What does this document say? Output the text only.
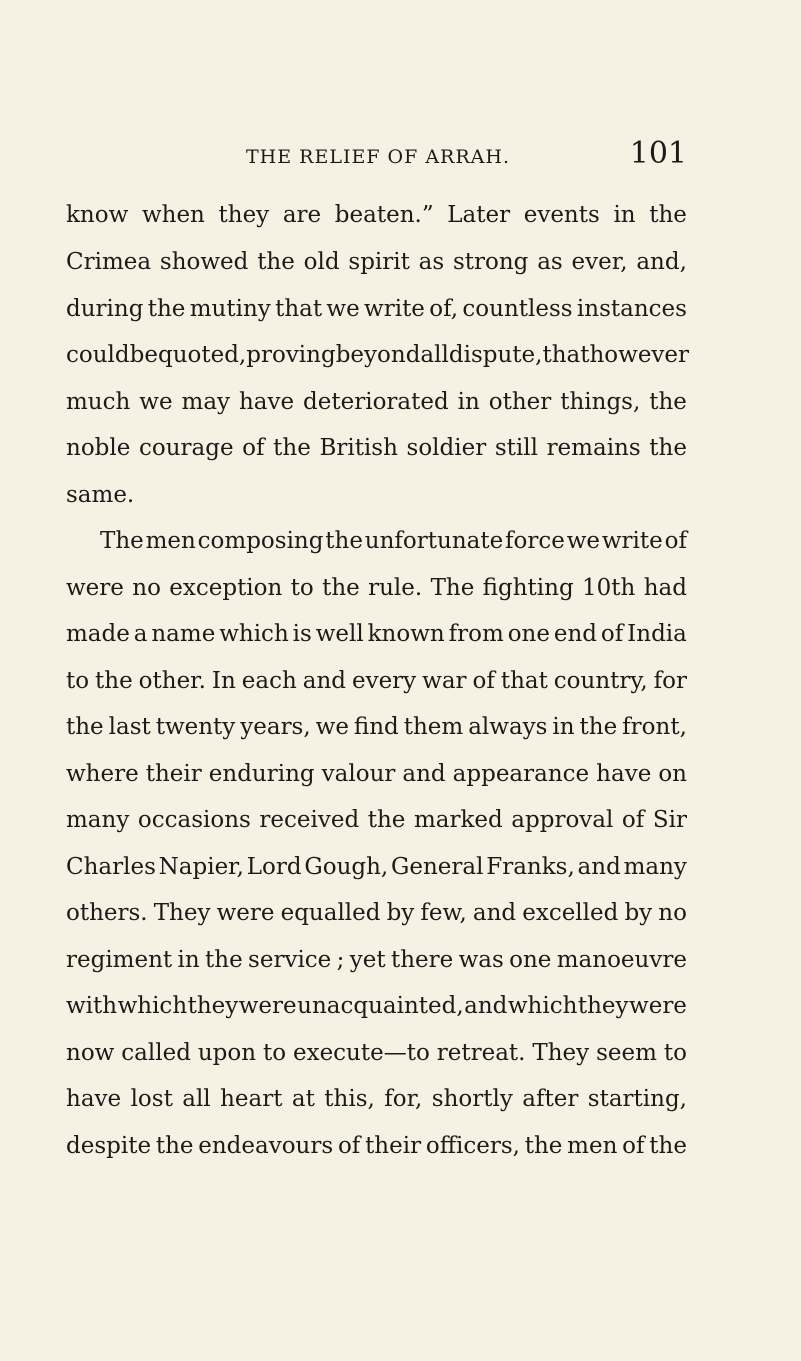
THE RELIEF OF ARRAH.	101
know when they are beaten.” Later events in the
Crimea showed the old spirit as strong as ever, and,
during the mutiny that we write of, countless instances
could be quoted, proving beyond all dispute, that however
much we may have deteriorated in other things, the
noble courage of the British soldier still remains the
same.
The men composing the unfortunate force we write of
were no exception to the rule. The fighting 10th had
made a name which is well known from one end of India
to the other. In each and every war of that country, for
the last twenty years, we find them always in the front,
where their enduring valour and appearance have on
many occasions received the marked approval of Sir
Charles Napier, Lord Gough, General Franks, and many
others. They were equalled by few, and excelled by no
regiment in the service ; yet there was one manoeuvre
with which they were unacquainted, and which they were
now called upon to execute—to retreat. They seem to
have lost all heart at this, for, shortly after starting,
despite the endeavours of their officers, the men of the
